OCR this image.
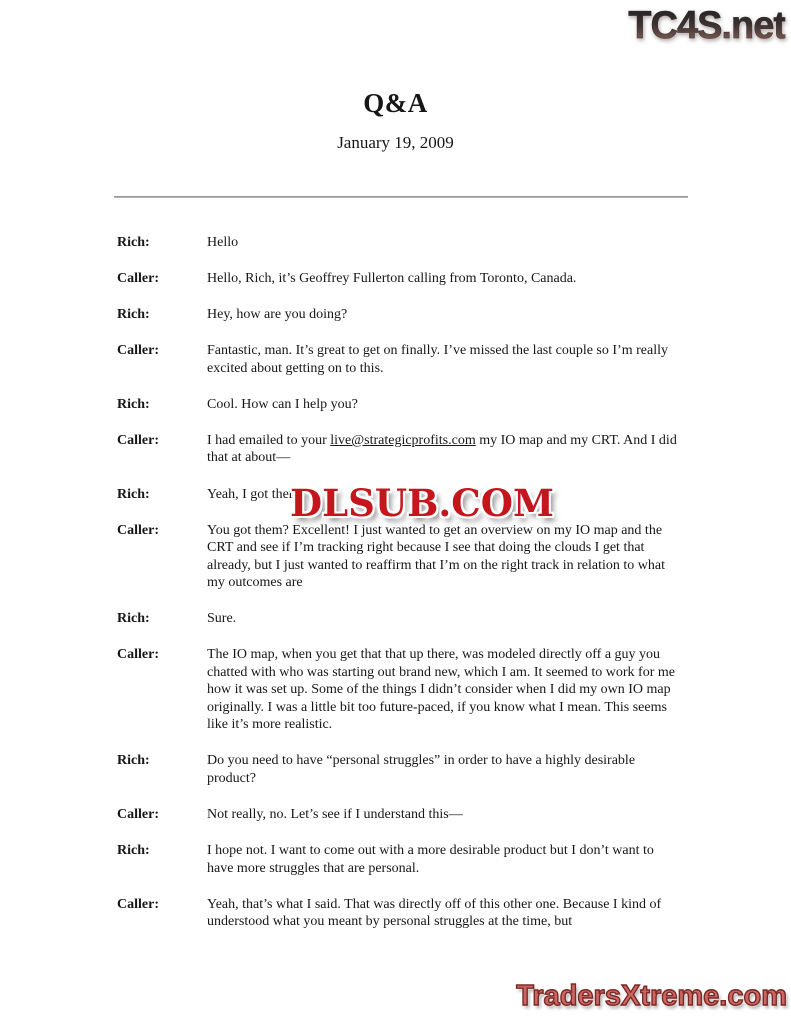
TC4S.net
Q&A
January 19, 2009
Rich:	Hello
Caller:	Hello, Rich, it’s Geoffrey Fullerton calling from Toronto, Canada.
Rich:	Hey, how are you doing?
Caller:	Fantastic, man. It’s great to get on finally. I’ve missed the last couple so I’m really excited about getting on to this.
Rich:	Cool. How can I help you?
Caller:	I had emailed to your live@strategicprofits.com my IO map and my CRT. And I did that at about—
Rich:	Yeah, I got them.
Caller:	You got them? Excellent! I just wanted to get an overview on my IO map and the CRT and see if I’m tracking right because I see that doing the clouds I get that already, but I just wanted to reaffirm that I’m on the right track in relation to what my outcomes are
Rich:	Sure.
Caller:	The IO map, when you get that that up there, was modeled directly off a guy you chatted with who was starting out brand new, which I am. It seemed to work for me how it was set up. Some of the things I didn’t consider when I did my own IO map originally. I was a little bit too future-paced, if you know what I mean. This seems like it’s more realistic.
Rich:	Do you need to have “personal struggles” in order to have a highly desirable product?
Caller:	Not really, no. Let’s see if I understand this—
Rich:	I hope not. I want to come out with a more desirable product but I don’t want to have more struggles that are personal.
Caller:	Yeah, that’s what I said. That was directly off of this other one. Because I kind of understood what you meant by personal struggles at the time, but
DLSUB.COM
TradersXtreme.com
